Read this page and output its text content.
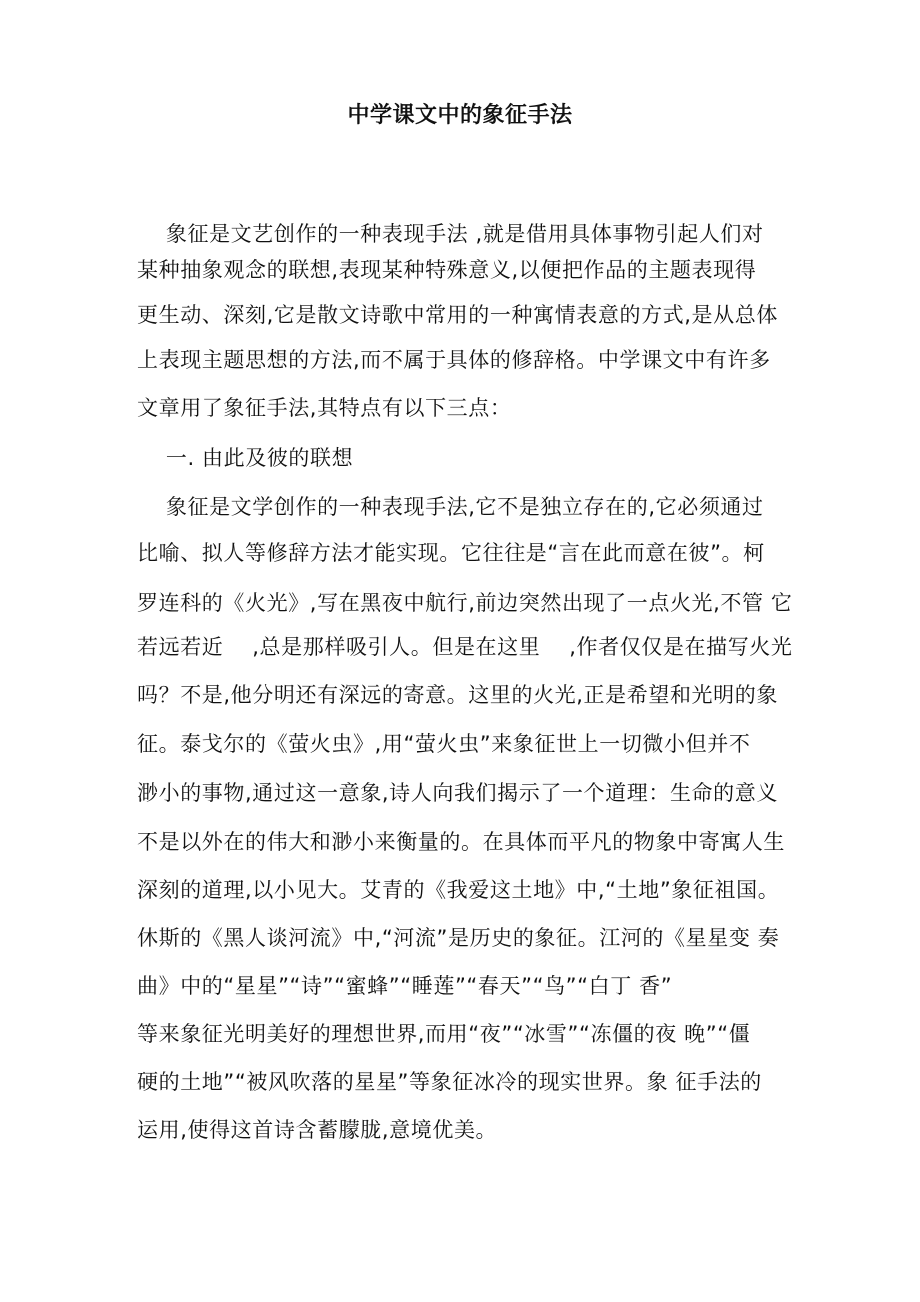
中学课文中的象征手法
　 象征是文艺创作的一种表现手法 ,就是借用具体事物引起人们对
某种抽象观念的联想,表现某种特殊意义,以便把作品的主题表现得
更生动、深刻,它是散文诗歌中常用的一种寓情表意的方式,是从总体
上表现主题思想的方法,而不属于具体的修辞格。中学课文中有许多
文章用了象征手法,其特点有以下三点：
　 一. 由此及彼的联想
　 象征是文学创作的一种表现手法,它不是独立存在的,它必须通过
比喻、拟人等修辞方法才能实现。它往往是“言在此而意在彼”。柯
罗连科的《火光》,写在黑夜中航行,前边突然出现了一点火光,不管 它
若远若近　 ,总是那样吸引人。但是在这里　 ,作者仅仅是在描写火光
吗？不是,他分明还有深远的寄意。这里的火光,正是希望和光明的象
征。泰戈尔的《萤火虫》,用“萤火虫”来象征世上一切微小但并不
渺小的事物,通过这一意象,诗人向我们揭示了一个道理：生命的意义
不是以外在的伟大和渺小来衡量的。在具体而平凡的物象中寄寓人生
深刻的道理,以小见大。艾青的《我爱这土地》中,“土地”象征祖国。
休斯的《黑人谈河流》中,“河流”是历史的象征。江河的《星星变 奏
曲》中的“星星”“诗”“蜜蜂”“睡莲”“春天”“鸟”“白丁 香”
等来象征光明美好的理想世界,而用“夜”“冰雪”“冻僵的夜 晚”“僵
硬的土地”“被风吹落的星星”等象征冰冷的现实世界。象 征手法的
运用,使得这首诗含蓄朦胧,意境优美。
